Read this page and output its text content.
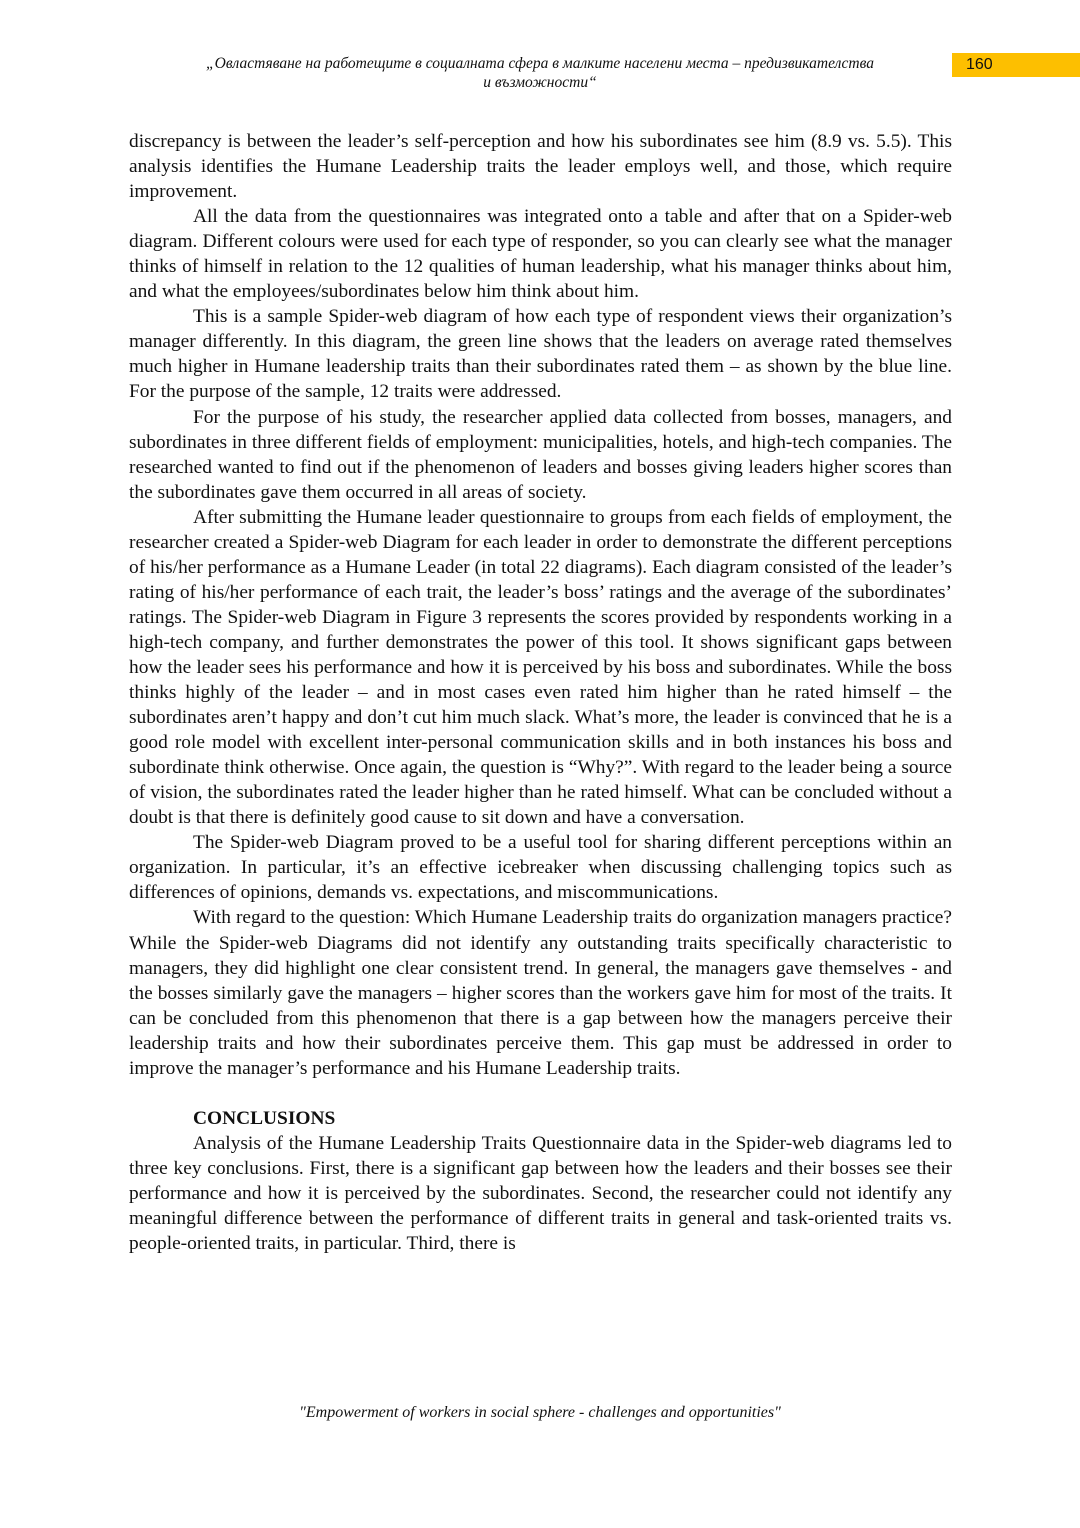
„Овластяване на работещите в социалната сфера в малките населени места – предизвикателства
и възможности“
160

discrepancy is between the leader’s self-perception and how his subordinates see him (8.9 vs. 5.5). This analysis identifies the Humane Leadership traits the leader employs well, and those, which require improvement.

All the data from the questionnaires was integrated onto a table and after that on a Spider-web diagram. Different colours were used for each type of responder, so you can clearly see what the manager thinks of himself in relation to the 12 qualities of human leadership, what his manager thinks about him, and what the employees/subordinates below him think about him.

This is a sample Spider-web diagram of how each type of respondent views their organization’s manager differently. In this diagram, the green line shows that the leaders on average rated themselves much higher in Humane leadership traits than their subordinates rated them – as shown by the blue line. For the purpose of the sample, 12 traits were addressed.

For the purpose of his study, the researcher applied data collected from bosses, managers, and subordinates in three different fields of employment: municipalities, hotels, and high-tech companies. The researched wanted to find out if the phenomenon of leaders and bosses giving leaders higher scores than the subordinates gave them occurred in all areas of society.

After submitting the Humane leader questionnaire to groups from each fields of employment, the researcher created a Spider-web Diagram for each leader in order to demonstrate the different perceptions of his/her performance as a Humane Leader (in total 22 diagrams). Each diagram consisted of the leader’s rating of his/her performance of each trait, the leader’s boss’ ratings and the average of the subordinates’ ratings. The Spider-web Diagram in Figure 3 represents the scores provided by respondents working in a high-tech company, and further demonstrates the power of this tool. It shows significant gaps between how the leader sees his performance and how it is perceived by his boss and subordinates. While the boss thinks highly of the leader – and in most cases even rated him higher than he rated himself – the subordinates aren’t happy and don’t cut him much slack. What’s more, the leader is convinced that he is a good role model with excellent inter-personal communication skills and in both instances his boss and subordinate think otherwise. Once again, the question is “Why?”. With regard to the leader being a source of vision, the subordinates rated the leader higher than he rated himself. What can be concluded without a doubt is that there is definitely good cause to sit down and have a conversation.

The Spider-web Diagram proved to be a useful tool for sharing different perceptions within an organization. In particular, it’s an effective icebreaker when discussing challenging topics such as differences of opinions, demands vs. expectations, and miscommunications.

With regard to the question: Which Humane Leadership traits do organization managers practice? While the Spider-web Diagrams did not identify any outstanding traits specifically characteristic to managers, they did highlight one clear consistent trend. In general, the managers gave themselves - and the bosses similarly gave the managers – higher scores than the workers gave him for most of the traits. It can be concluded from this phenomenon that there is a gap between how the managers perceive their leadership traits and how their subordinates perceive them. This gap must be addressed in order to improve the manager’s performance and his Humane Leadership traits.

CONCLUSIONS

Analysis of the Humane Leadership Traits Questionnaire data in the Spider-web diagrams led to three key conclusions. First, there is a significant gap between how the leaders and their bosses see their performance and how it is perceived by the subordinates. Second, the researcher could not identify any meaningful difference between the performance of different traits in general and task-oriented traits vs. people-oriented traits, in particular. Third, there is

"Empowerment of workers in social sphere - challenges and opportunities"
